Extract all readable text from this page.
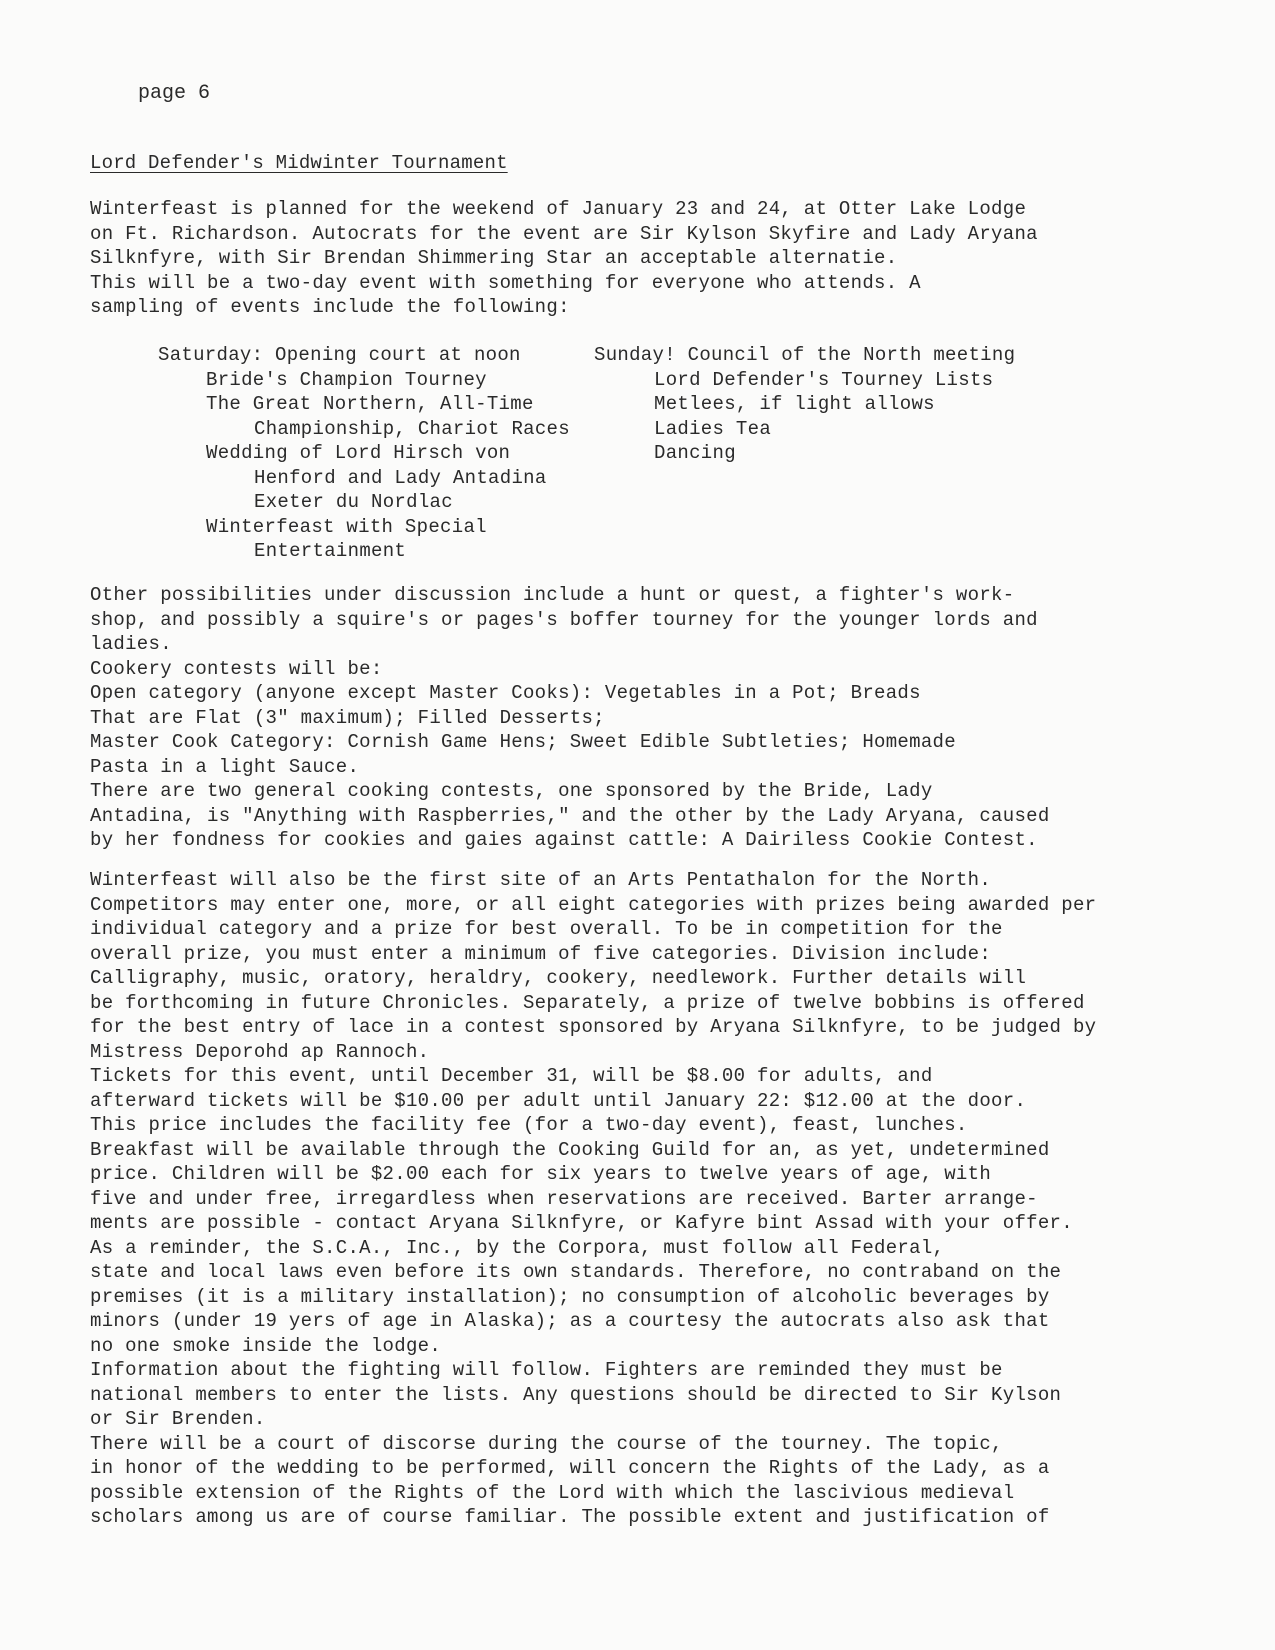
page 6
Lord Defender's Midwinter Tournament
Winterfeast is planned for the weekend of January 23 and 24, at Otter Lake Lodge
on Ft. Richardson. Autocrats for the event are Sir Kylson Skyfire and Lady Aryana
Silknfyre, with Sir Brendan Shimmering Star an acceptable alternatie.
This will be a two-day event with something for everyone who attends. A
sampling of events include the following:
Saturday: Opening court at noon
Bride's Champion Tourney
The Great Northern, All-Time
Championship, Chariot Races
Wedding of Lord Hirsch von
Henford and Lady Antadina
Exeter du Nordlac
Winterfeast with Special
Entertainment
Sunday! Council of the North meeting
Lord Defender's Tourney Lists
Metlees, if light allows
Ladies Tea
Dancing
Other possibilities under discussion include a hunt or quest, a fighter's work-
shop, and possibly a squire's or pages's boffer tourney for the younger lords and
ladies.
Cookery contests will be:
Open category (anyone except Master Cooks): Vegetables in a Pot; Breads
That are Flat (3" maximum); Filled Desserts;
Master Cook Category: Cornish Game Hens; Sweet Edible Subtleties; Homemade
Pasta in a light Sauce.
There are two general cooking contests, one sponsored by the Bride, Lady
Antadina, is "Anything with Raspberries," and the other by the Lady Aryana, caused
by her fondness for cookies and gaies against cattle: A Dairiless Cookie Contest.
Winterfeast will also be the first site of an Arts Pentathalon for the North.
Competitors may enter one, more, or all eight categories with prizes being awarded per
individual category and a prize for best overall. To be in competition for the
overall prize, you must enter a minimum of five categories. Division include:
Calligraphy, music, oratory, heraldry, cookery, needlework. Further details will
be forthcoming in future Chronicles. Separately, a prize of twelve bobbins is offered
for the best entry of lace in a contest sponsored by Aryana Silknfyre, to be judged by
Mistress Deporohd ap Rannoch.
Tickets for this event, until December 31, will be $8.00 for adults, and
afterward tickets will be $10.00 per adult until January 22: $12.00 at the door.
This price includes the facility fee (for a two-day event), feast, lunches.
Breakfast will be available through the Cooking Guild for an, as yet, undetermined
price. Children will be $2.00 each for six years to twelve years of age, with
five and under free, irregardless when reservations are received. Barter arrange-
ments are possible - contact Aryana Silknfyre, or Kafyre bint Assad with your offer.
As a reminder, the S.C.A., Inc., by the Corpora, must follow all Federal,
state and local laws even before its own standards. Therefore, no contraband on the
premises (it is a military installation); no consumption of alcoholic beverages by
minors (under 19 yers of age in Alaska); as a courtesy the autocrats also ask that
no one smoke inside the lodge.
Information about the fighting will follow. Fighters are reminded they must be
national members to enter the lists. Any questions should be directed to Sir Kylson
or Sir Brenden.
There will be a court of discorse during the course of the tourney. The topic,
in honor of the wedding to be performed, will concern the Rights of the Lady, as a
possible extension of the Rights of the Lord with which the lascivious medieval
scholars among us are of course familiar. The possible extent and justification of
